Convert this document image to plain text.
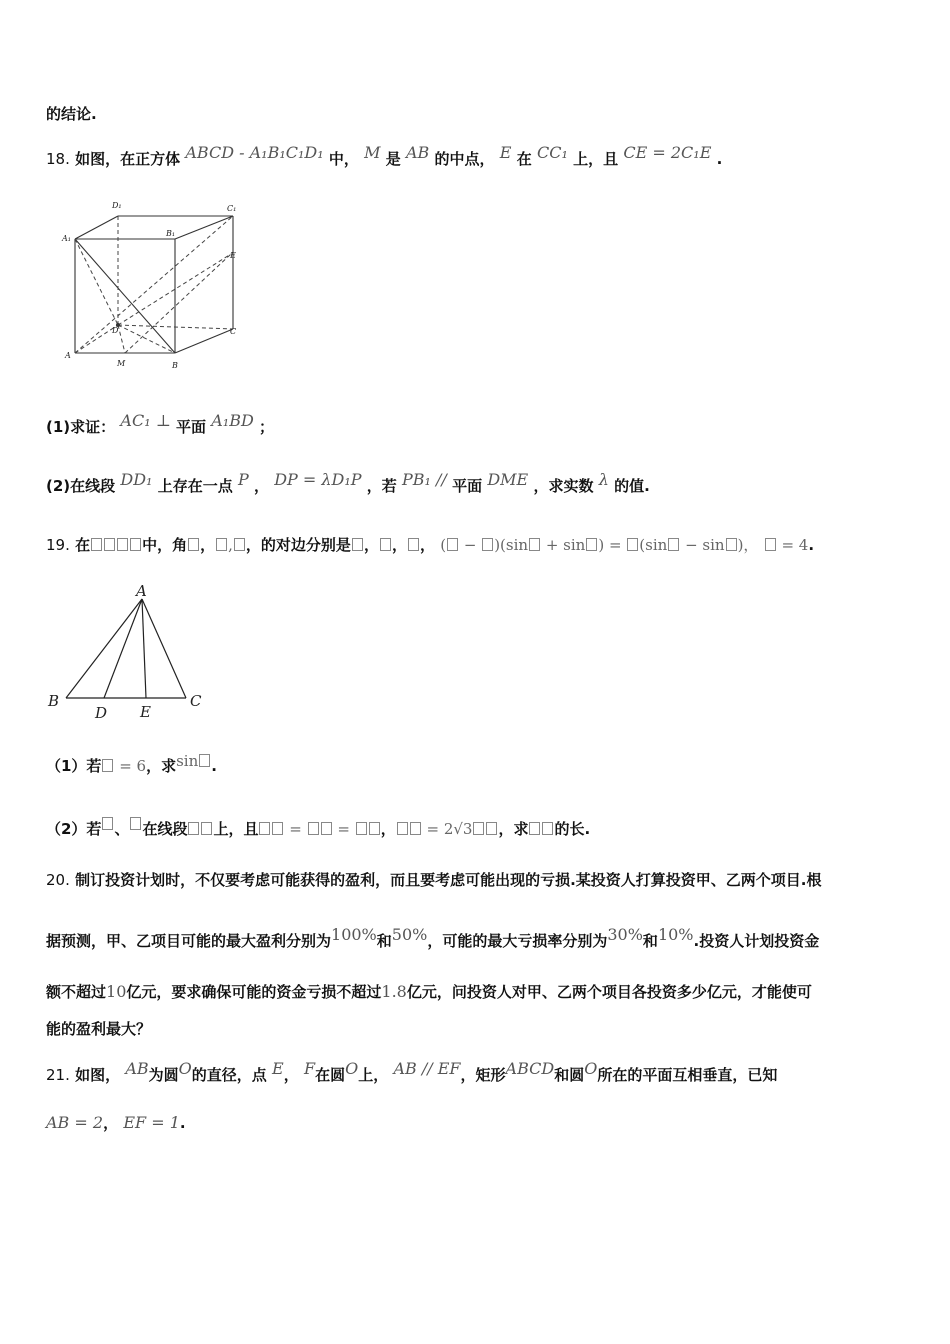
的结论.
18. 如图，在正方体 ABCD - A₁B₁C₁D₁ 中， M 是 AB 的中点， E 在 CC₁ 上，且 CE = 2C₁E .
D₁	C₁
A₁
B₁
E
D	C
A
M	B
(1)求证： AC₁ ⊥ 平面 A₁BD ；
(2)在线段 DD₁ 上存在一点 P ， DP = λD₁P ，若 PB₁ // 平面 DME ，求实数 λ 的值.
19. 在	中，角 ， , ，的对边分别是 ， ， ， ( − )(sin + sin ) = (sin − sin )，  = 4.
A
B
D E
C
（1）若 = 6，求sin .
（2）若 、 在线段 上，且 =  = ， = 2√3 ，求 的长.
20. 制订投资计划时，不仅要考虑可能获得的盈利，而且要考虑可能出现的亏损.某投资人打算投资甲、乙两个项目.根
据预测，甲、乙项目可能的最大盈利分别为100%和50%，可能的最大亏损率分别为30%和10%.投资人计划投资金
额不超过10亿元，要求确保可能的资金亏损不超过1.8亿元，问投资人对甲、乙两个项目各投资多少亿元，才能使可
能的盈利最大？
21. 如图， AB为圆O的直径，点 E， F在圆O上， AB // EF，矩形ABCD和圆O所在的平面互相垂直，已知
AB = 2， EF = 1.
